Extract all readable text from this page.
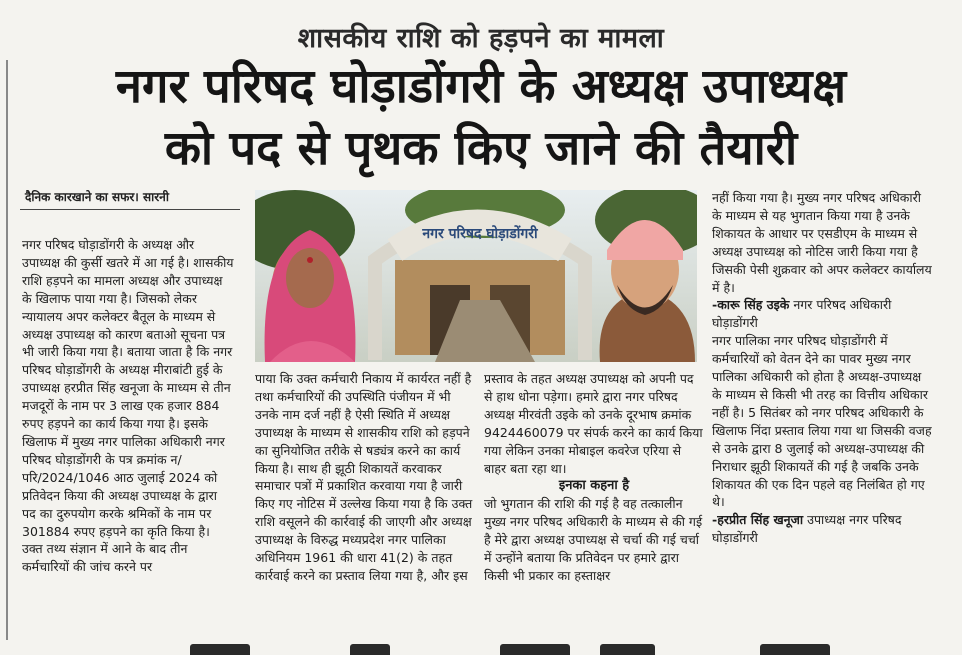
शासकीय राशि को हड़पने का मामला
नगर परिषद घोड़ाडोंगरी के अध्यक्ष उपाध्यक्ष
को पद से पृथक किए जाने की तैयारी
दैनिक कारखाने का सफर। सारनी

नगर परिषद घोड़ाडोंगरी के अध्यक्ष और उपाध्यक्ष की कुर्सी खतरे में आ गई है। शासकीय राशि हड़पने का मामला अध्यक्ष और उपाध्यक्ष के खिलाफ पाया गया है। जिसको लेकर न्यायालय अपर कलेक्टर बैतूल के माध्यम से अध्यक्ष उपाध्यक्ष को कारण बताओ सूचना पत्र भी जारी किया गया है। बताया जाता है कि नगर परिषद घोड़ाडोंगरी के अध्यक्ष मीराबांटी हुई के उपाध्यक्ष हरप्रीत सिंह खनूजा के माध्यम से तीन मजदूरों के नाम पर 3 लाख एक हजार 884 रुपए हड़पने का कार्य किया गया है। इसके खिलाफ में मुख्य नगर पालिका अधिकारी नगर परिषद घोड़ाडोंगरी के पत्र क्रमांक न/परि/2024/1046 आठ जुलाई 2024 को प्रतिवेदन किया की अध्यक्ष उपाध्यक्ष के द्वारा पद का दुरुपयोग करके श्रमिकों के नाम पर 301884 रुपए हड़पने का कृति किया है। उक्त तथ्य संज्ञान में आने के बाद तीन कर्मचारियों की जांच करने पर

नगर परिषद घोड़ाडोंगरी

पाया कि उक्त कर्मचारी निकाय में कार्यरत नहीं है तथा कर्मचारियों की उपस्थिति पंजीयन में भी उनके नाम दर्ज नहीं है ऐसी स्थिति में अध्यक्ष उपाध्यक्ष के माध्यम से शासकीय राशि को हड़पने का सुनियोजित तरीके से षड्यंत्र करने का कार्य किया है। साथ ही झूठी शिकायतें करवाकर समाचार पत्रों में प्रकाशित करवाया गया है जारी किए गए नोटिस में उल्लेख किया गया है कि उक्त राशि वसूलने की कार्रवाई की जाएगी और अध्यक्ष उपाध्यक्ष के विरुद्ध मध्यप्रदेश नगर पालिका अधिनियम 1961 की धारा 41(2) के तहत कार्रवाई करने का प्रस्ताव लिया गया है, और इस

प्रस्ताव के तहत अध्यक्ष उपाध्यक्ष को अपनी पद से हाथ धोना पड़ेगा। हमारे द्वारा नगर परिषद अध्यक्ष मीरवंती उइके को उनके दूरभाष क्रमांक 9424460079 पर संपर्क करने का कार्य किया गया लेकिन उनका मोबाइल कवरेज एरिया से बाहर बता रहा था।

इनका कहना है

जो भुगतान की राशि की गई है वह तत्कालीन मुख्य नगर परिषद अधिकारी के माध्यम से की गई है मेरे द्वारा अध्यक्ष उपाध्यक्ष से चर्चा की गई चर्चा में उन्होंने बताया कि प्रतिवेदन पर हमारे द्वारा किसी भी प्रकार का हस्ताक्षर

नहीं किया गया है। मुख्य नगर परिषद अधिकारी के माध्यम से यह भुगतान किया गया है उनके शिकायत के आधार पर एसडीएम के माध्यम से अध्यक्ष उपाध्यक्ष को नोटिस जारी किया गया है जिसकी पेसी शुक्रवार को अपर कलेक्टर कार्यालय में है।

-कारू सिंह उइके नगर परिषद अधिकारी घोड़ाडोंगरी

नगर पालिका नगर परिषद घोड़ाडोंगरी में कर्मचारियों को वेतन देने का पावर मुख्य नगर पालिका अधिकारी को होता है अध्यक्ष-उपाध्यक्ष के माध्यम से किसी भी तरह का वित्तीय अधिकार नहीं है। 5 सितंबर को नगर परिषद अधिकारी के खिलाफ निंदा प्रस्ताव लिया गया था जिसकी वजह से उनके द्वारा 8 जुलाई को अध्यक्ष-उपाध्यक्ष की निराधार झूठी शिकायतें की गई है जबकि उनके शिकायत की एक दिन पहले वह निलंबित हो गए थे।

-हरप्रीत सिंह खनूजा उपाध्यक्ष नगर परिषद घोड़ाडोंगरी
